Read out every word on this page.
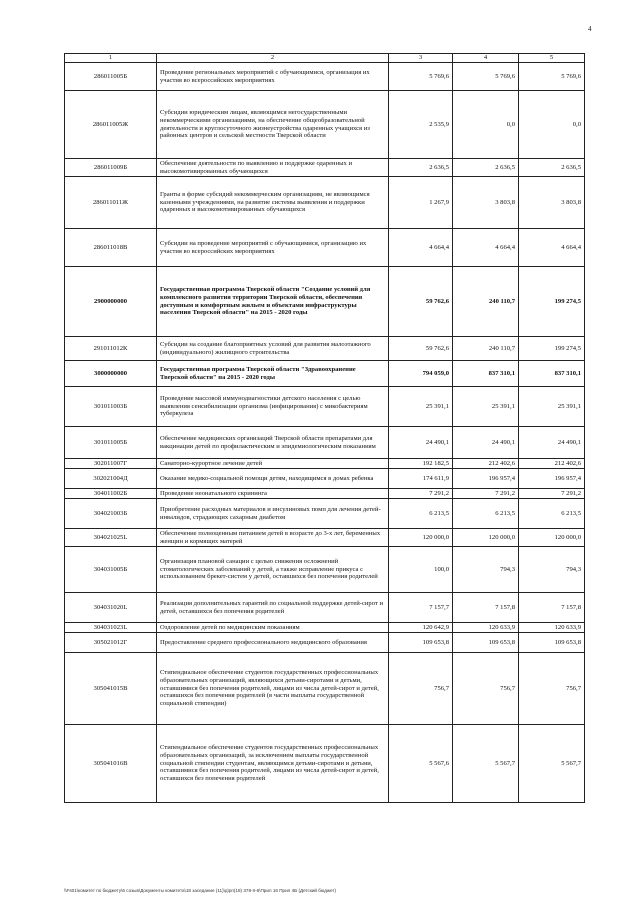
4
1	2	3	4	5
286011005Б	Проведение региональных мероприятий с обучающимися, организация их участия во всероссийских мероприятиях	5 769,6	5 769,6	5 769,6
286011005Ж	Субсидии юридическим лицам, являющимся негосударственными некоммерческими организациями, на обеспечение общеобразовательной деятельности и круглосуточного жизнеустройства одаренных учащихся из районных центров и сельской местности Тверской области	2 535,9	0,0	0,0
286011009Б	Обеспечение деятельности по выявлению и поддержке одаренных и высокомотивированных обучающихся	2 636,5	2 636,5	2 636,5
286011011Ж	Гранты в форме субсидий некоммерческим организациям, не являющимся казенными учреждениями, на развитие системы выявления и поддержки одаренных и высокомотивированных обучающихся	1 267,9	3 803,8	3 803,8
286011018В	Субсидии на проведение мероприятий с обучающимися, организацию их участия во всероссийских мероприятиях	4 664,4	4 664,4	4 664,4
2900000000	Государственная программа Тверской области "Создание условий для комплексного развития территории Тверской области, обеспечения доступным и комфортным жильем и объектами инфраструктуры населения Тверской области" на 2015 - 2020 годы	59 762,6	240 110,7	199 274,5
291011012К	Субсидии на создание благоприятных условий для развития малоэтажного (индивидуального) жилищного строительства	59 762,6	240 110,7	199 274,5
3000000000	Государственная программа Тверской области "Здравоохранение Тверской области" на 2015 - 2020 годы	794 059,0	837 310,1	837 310,1
301011003Б	Проведение массовой иммунодиагностики детского населения с целью выявления сенсибилизации организма (инфицирования) с микобактериям туберкулеза	25 391,1	25 391,1	25 391,1
301011005Б	Обеспечение медицинских организаций Тверской области препаратами для вакцинации детей по профилактическим и эпидемиологическим показаниям	24 490,1	24 490,1	24 490,1
302011007Г	Санаторно-курортное лечение детей	192 182,5	212 402,6	212 402,6
302021004Д	Оказание медико-социальной помощи детям, находящимся в домах ребенка	174 611,9	196 957,4	196 957,4
304011002Б	Проведение неонатального скрининга	7 291,2	7 291,2	7 291,2
304021003Б	Приобретение расходных материалов и инсулиновых помп для лечения детей-инвалидов, страдающих сахарным диабетом	6 213,5	6 213,5	6 213,5
304021025L	Обеспечение полноценным питанием детей в возрасте до 3-х лет, беременных женщин и кормящих матерей	120 000,0	120 000,0	120 000,0
304031005Б	Организация плановой санации с целью снижения осложнений стоматологических заболеваний у детей, а также исправление прикуса с использованием брекет-систем у детей, оставшихся без попечения родителей	100,0	794,3	794,3
304031020L	Реализация дополнительных гарантий по социальной поддержке детей-сирот и детей, оставшихся без попечения родителей	7 157,7	7 157,8	7 157,8
304031023L	Оздоровление детей по медицинским показаниям	120 642,9	120 633,9	120 633,9
305021012Г	Предоставление среднего профессионального медицинского образования	109 653,8	109 653,8	109 653,8
305041015В	Стипендиальное обеспечение студентов государственных профессиональных образовательных организаций, являющихся детьми-сиротами и детьми, оставшимися без попечения родителей, лицами из числа детей-сирот и детей, оставшихся без попечения родителей (в части выплаты государственной социальной стипендии)	756,7	756,7	756,7
305041016В	Стипендиальное обеспечение студентов государственных профессиональных образовательных организаций, за исключением выплаты государственной социальной стипендии студентам, являющимся детьми-сиротами и детьми, оставшимися без попечения родителей, лицами из числа детей-сирот и детей, оставшихся без попечения родителей	5 567,6	5 567,7	5 567,7
\\Fs01\комитет по бюджету\6 созыв\Документы комитета\18 заседание (11)\д\рп(18) 378-II-6\Прил 16 Прил 4Б (Детский бюджет)
